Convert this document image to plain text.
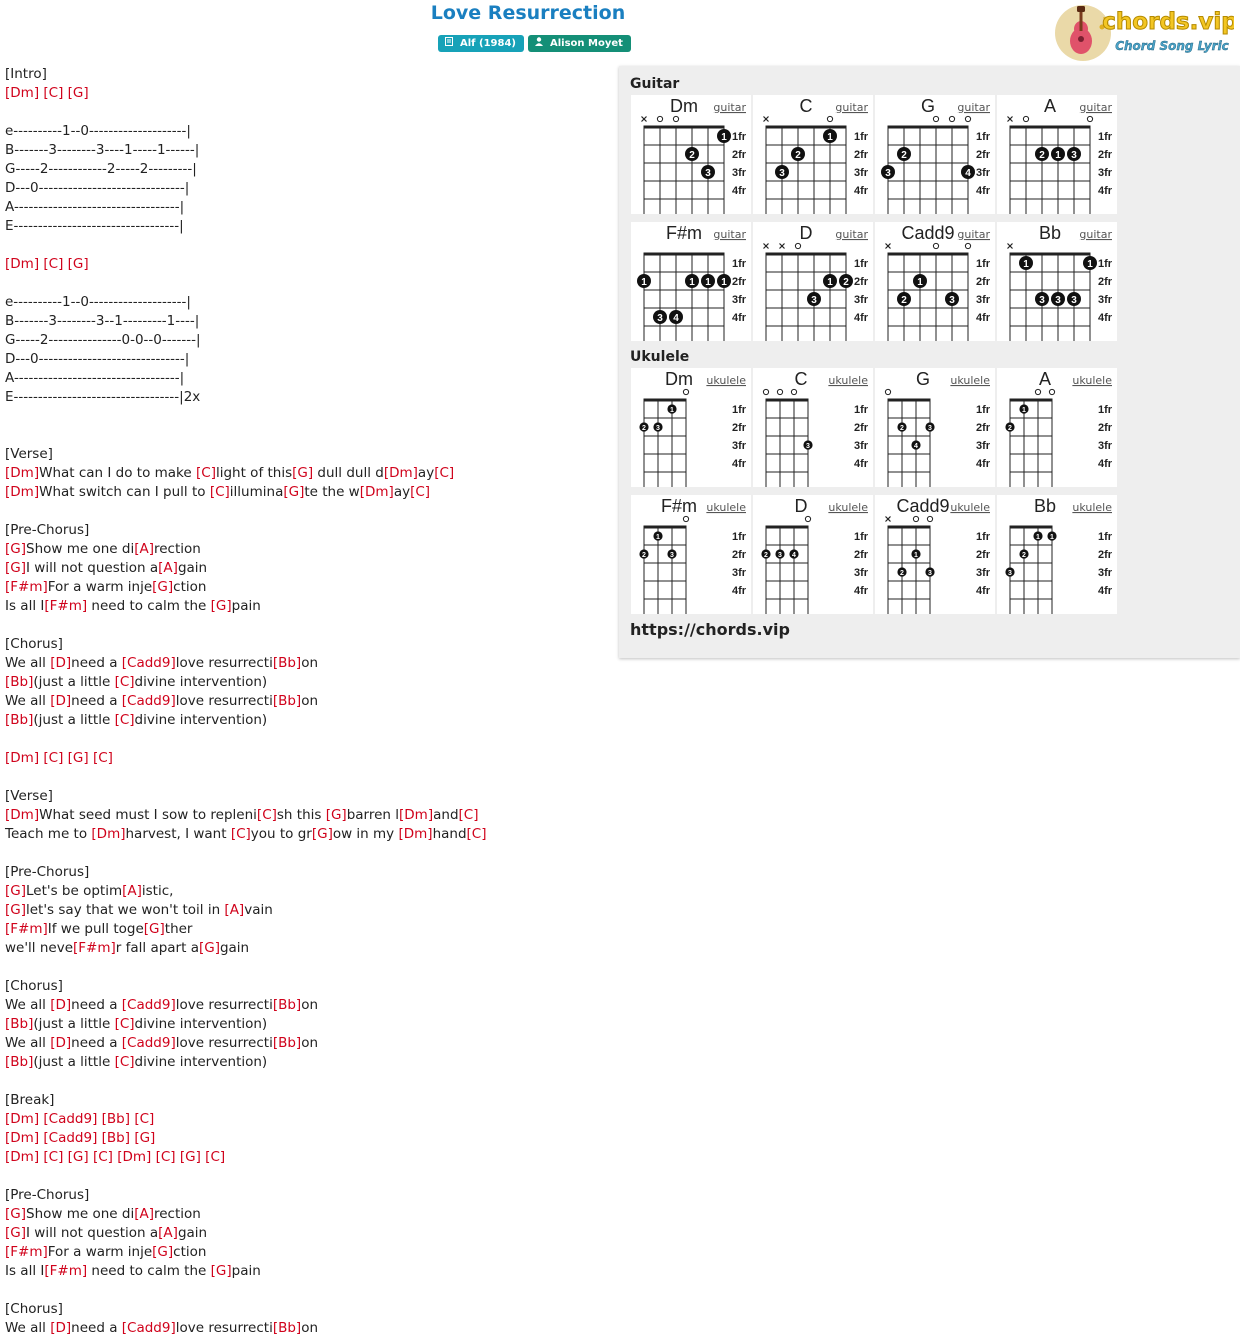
Love Resurrection
Alf (1984)	Alison Moyet
chords.vip
Chord Song Lyric
[Intro]
[Dm] [C] [G]
e----------1--0--------------------|
B-------3--------3----1-----1------|
G-----2------------2-----2---------|
D---0------------------------------|
A----------------------------------|
E----------------------------------|
[Dm] [C] [G]
e----------1--0--------------------|
B-------3--------3--1---------1----|
G-----2---------------0-0--0-------|
D---0------------------------------|
A----------------------------------|
E----------------------------------|2x
[Verse]
[Dm]What can I do to make [C]light of this[G] dull dull d[Dm]ay[C]
[Dm]What switch can I pull to [C]illumina[G]te the w[Dm]ay[C]
[Pre-Chorus]
[G]Show me one di[A]rection
[G]I will not question a[A]gain
[F#m]For a warm inje[G]ction
Is all I[F#m] need to calm the [G]pain
[Chorus]
We all [D]need a [Cadd9]love resurrecti[Bb]on
[Bb](just a little [C]divine intervention)
We all [D]need a [Cadd9]love resurrecti[Bb]on
[Bb](just a little [C]divine intervention)
[Dm] [C] [G] [C]
[Verse]
[Dm]What seed must I sow to repleni[C]sh this [G]barren l[Dm]and[C]
Teach me to [Dm]harvest, I want [C]you to gr[G]ow in my [Dm]hand[C]
[Pre-Chorus]
[G]Let's be optim[A]istic,
[G]let's say that we won't toil in [A]vain
[F#m]If we pull toge[G]ther
we'll neve[F#m]r fall apart a[G]gain
[Chorus]
We all [D]need a [Cadd9]love resurrecti[Bb]on
[Bb](just a little [C]divine intervention)
We all [D]need a [Cadd9]love resurrecti[Bb]on
[Bb](just a little [C]divine intervention)
[Break]
[Dm] [Cadd9] [Bb] [C]
[Dm] [Cadd9] [Bb] [G]
[Dm] [C] [G] [C] [Dm] [C] [G] [C]
[Pre-Chorus]
[G]Show me one di[A]rection
[G]I will not question a[A]gain
[F#m]For a warm inje[G]ction
Is all I[F#m] need to calm the [G]pain
[Chorus]
We all [D]need a [Cadd9]love resurrecti[Bb]on
Guitar
Ukulele
https://chords.vip
Dm guitar
1fr
2fr
3fr
4fr
1
2
3
C guitar
1fr
2fr
3fr
4fr
1
2
3
G guitar
1fr
2fr
3fr
4fr
2
3	4
A guitar
1fr
2fr
3fr
4fr
2 1 3
F#m guitar
1fr
2fr
3fr
4fr
1	1 1 1
3 4
D guitar
1fr
2fr
3fr
4fr
1 2
3
Cadd9 guitar
1fr
2fr
3fr
4fr
1
2	3
Bb guitar
1fr
2fr
3fr
4fr
1	1
3 3 3
Dm ukulele
1fr
2fr
3fr
4fr
1
2 3
C ukulele
1fr
2fr
3fr
4fr
3
G ukulele
1fr
2fr
3fr
4fr
2	3
4
A ukulele
1fr
2fr
3fr
4fr
1
2
F#m ukulele
1fr
2fr
3fr
4fr
1
2	3
D ukulele
1fr
2fr
3fr
4fr
2 3 4
Cadd9 ukulele
1fr
2fr
3fr
4fr
1
2	3
Bb ukulele
1fr
2fr
3fr
4fr
1 1
2
3
